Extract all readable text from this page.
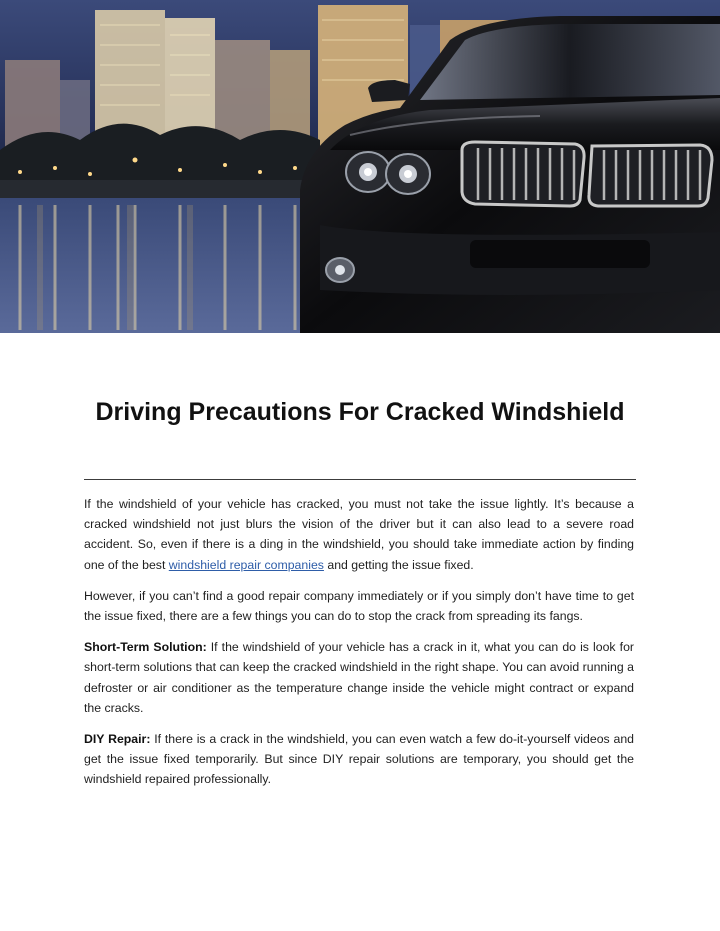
Driving Precautions For Cracked Windshield

If the windshield of your vehicle has cracked, you must not take the issue lightly. It’s because a cracked windshield not just blurs the vision of the driver but it can also lead to a severe road accident. So, even if there is a ding in the windshield, you should take immediate action by finding one of the best windshield repair companies and getting the issue fixed.

However, if you can’t find a good repair company immediately or if you simply don’t have time to get the issue fixed, there are a few things you can do to stop the crack from spreading its fangs.

Short-Term Solution: If the windshield of your vehicle has a crack in it, what you can do is look for short-term solutions that can keep the cracked windshield in the right shape. You can avoid running a defroster or air conditioner as the temperature change inside the vehicle might contract or expand the cracks.

DIY Repair: If there is a crack in the windshield, you can even watch a few do-it-yourself videos and get the issue fixed temporarily. But since DIY repair solutions are temporary, you should get the windshield repaired professionally.
